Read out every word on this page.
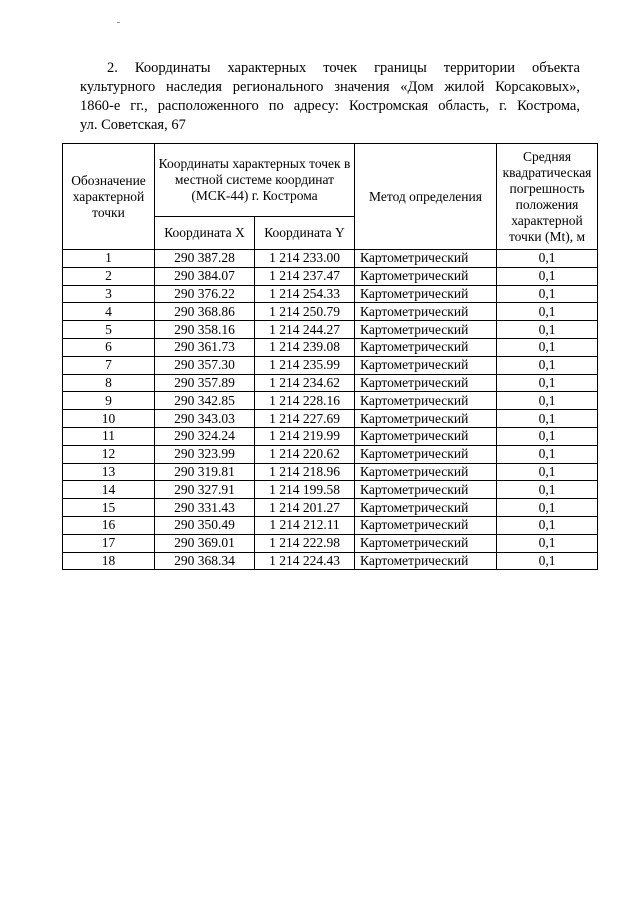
2. Координаты характерных точек границы территории объекта
культурного наследия регионального значения «Дом жилой Корсаковых»,
1860-е гг., расположенного по адресу: Костромская область, г. Кострома,
ул. Советская, 67
Обозначение характерной точки	Координаты характерных точек в местной системе координат (МСК-44) г. Кострома		Метод определения	Средняя квадратическая погрешность положения характерной точки (Mt), м
	Координата X	Координата Y		
1	290 387.28	1 214 233.00	Картометрический	0,1
2	290 384.07	1 214 237.47	Картометрический	0,1
3	290 376.22	1 214 254.33	Картометрический	0,1
4	290 368.86	1 214 250.79	Картометрический	0,1
5	290 358.16	1 214 244.27	Картометрический	0,1
6	290 361.73	1 214 239.08	Картометрический	0,1
7	290 357.30	1 214 235.99	Картометрический	0,1
8	290 357.89	1 214 234.62	Картометрический	0,1
9	290 342.85	1 214 228.16	Картометрический	0,1
10	290 343.03	1 214 227.69	Картометрический	0,1
11	290 324.24	1 214 219.99	Картометрический	0,1
12	290 323.99	1 214 220.62	Картометрический	0,1
13	290 319.81	1 214 218.96	Картометрический	0,1
14	290 327.91	1 214 199.58	Картометрический	0,1
15	290 331.43	1 214 201.27	Картометрический	0,1
16	290 350.49	1 214 212.11	Картометрический	0,1
17	290 369.01	1 214 222.98	Картометрический	0,1
18	290 368.34	1 214 224.43	Картометрический	0,1
